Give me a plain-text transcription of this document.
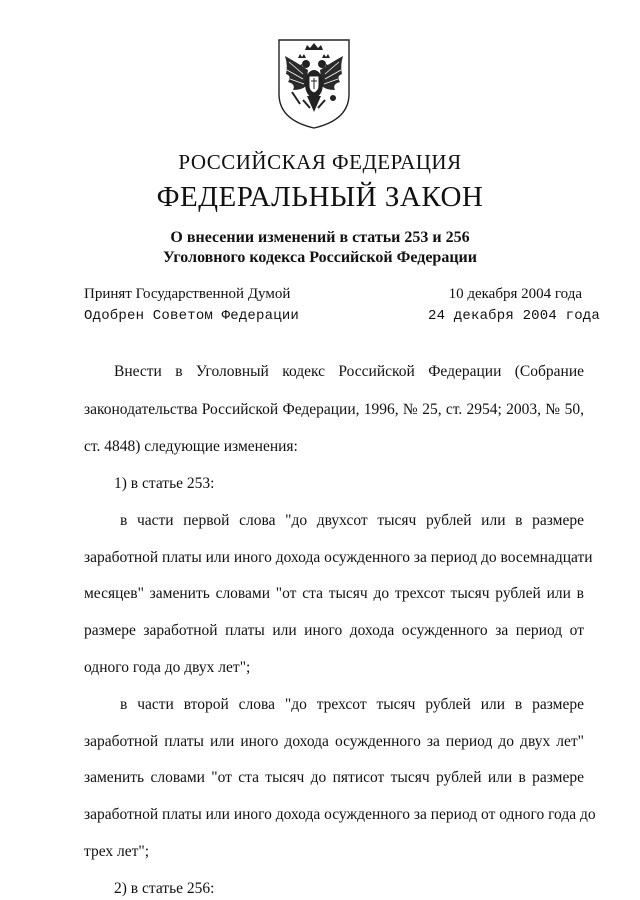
РОССИЙСКАЯ ФЕДЕРАЦИЯ
ФЕДЕРАЛЬНЫЙ ЗАКОН
О внесении изменений в статьи 253 и 256
Уголовного кодекса Российской Федерации
Принят Государственной Думой	10 декабря 2004 года
Одобрен Советом Федерации	24 декабря 2004 года
Внести в Уголовный кодекс Российской Федерации (Собрание
законодательства Российской Федерации, 1996, № 25, ст. 2954; 2003, № 50,
ст. 4848) следующие изменения:
1) в статье 253:
в части первой слова "до двухсот тысяч рублей или в размере
заработной платы или иного дохода осужденного за период до восемнадцати
месяцев" заменить словами "от ста тысяч до трехсот тысяч рублей или в
размере заработной платы или иного дохода осужденного за период от
одного года до двух лет";
в части второй слова "до трехсот тысяч рублей или в размере
заработной платы или иного дохода осужденного за период до двух лет"
заменить словами "от ста тысяч до пятисот тысяч рублей или в размере
заработной платы или иного дохода осужденного за период от одного года до
трех лет";
2) в статье 256:
